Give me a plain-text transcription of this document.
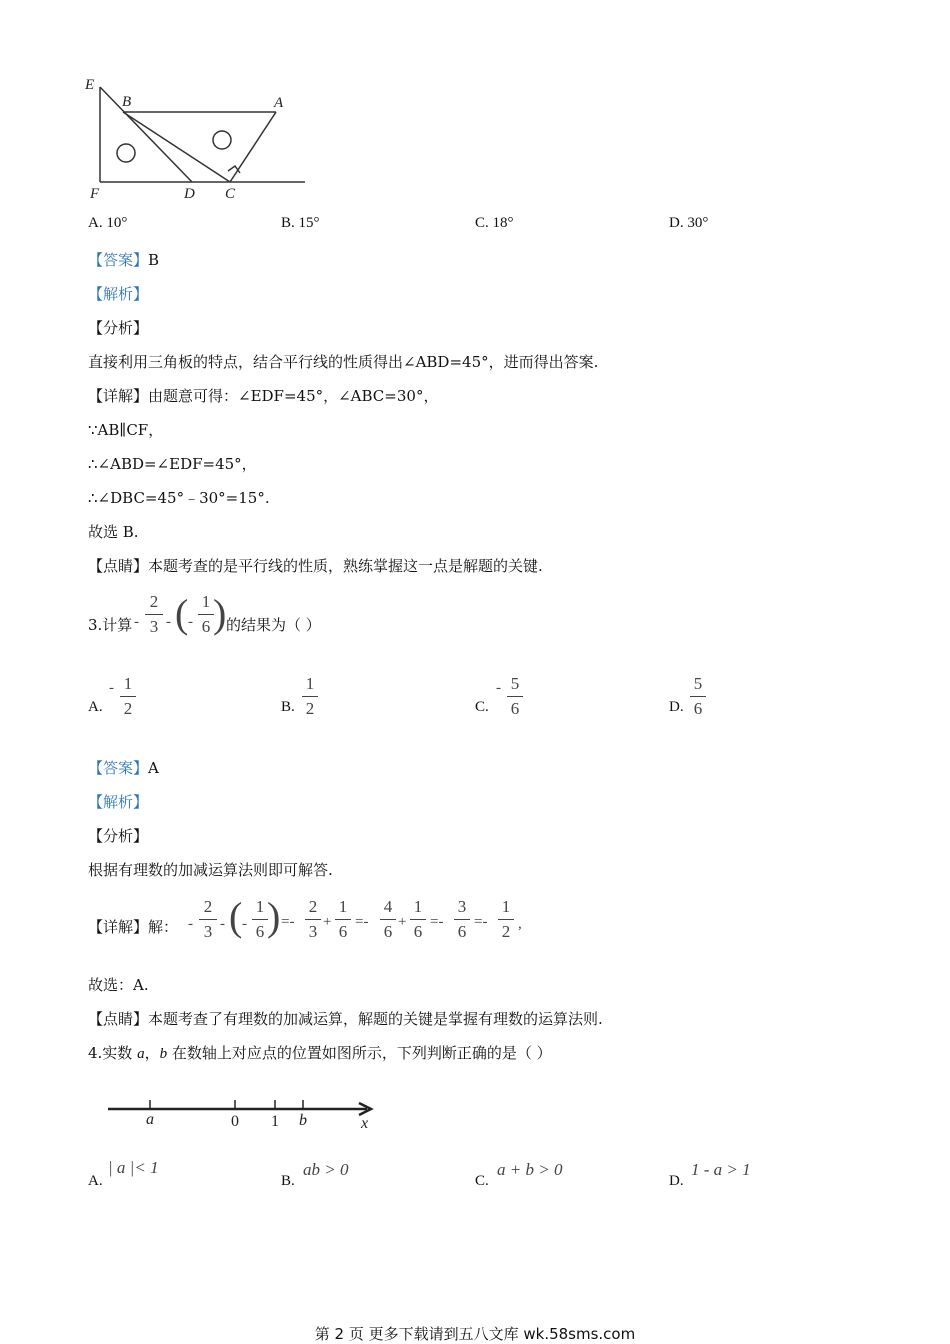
E
B	A
F	D C
A. 10°	B. 15°	C. 18°	D. 30°
【答案】B
【解析】
【分析】
直接利用三角板的特点，结合平行线的性质得出∠ABD=45°，进而得出答案.
【详解】由题意可得：∠EDF=45°，∠ABC=30°，
∵AB∥CF，
∴∠ABD=∠EDF=45°，
∴∠DBC=45°﹣30°=15°.
故选 B.
【点睛】本题考查的是平行线的性质，熟练掌握这一点是解题的关键.
3.计算 -
2
3 - ( -
1
6 ) 的结果为（ ）
A.
- 1
2	B.
1
2	C.
- 5
6	D.
5
6
【答案】A
【解析】
【分析】
根据有理数的加减运算法则即可解答.
【详解】解： -
2
3 - ( -
1
6 ) =-
2
3 +
1
6 =-
4
6 +
1
6 =-
3
6 =-
1
2 ,
故选：A.
【点睛】本题考查了有理数的加减运算，解题的关键是掌握有理数的运算法则.
4.实数 a，b 在数轴上对应点的位置如图所示，下列判断正确的是（ ）
a	0 1 b	x
A.
| a |< 1
B.
ab > 0
C.
a + b > 0
D.
1 - a > 1
第 2 页 更多下载请到五八文库 wk.58sms.com
